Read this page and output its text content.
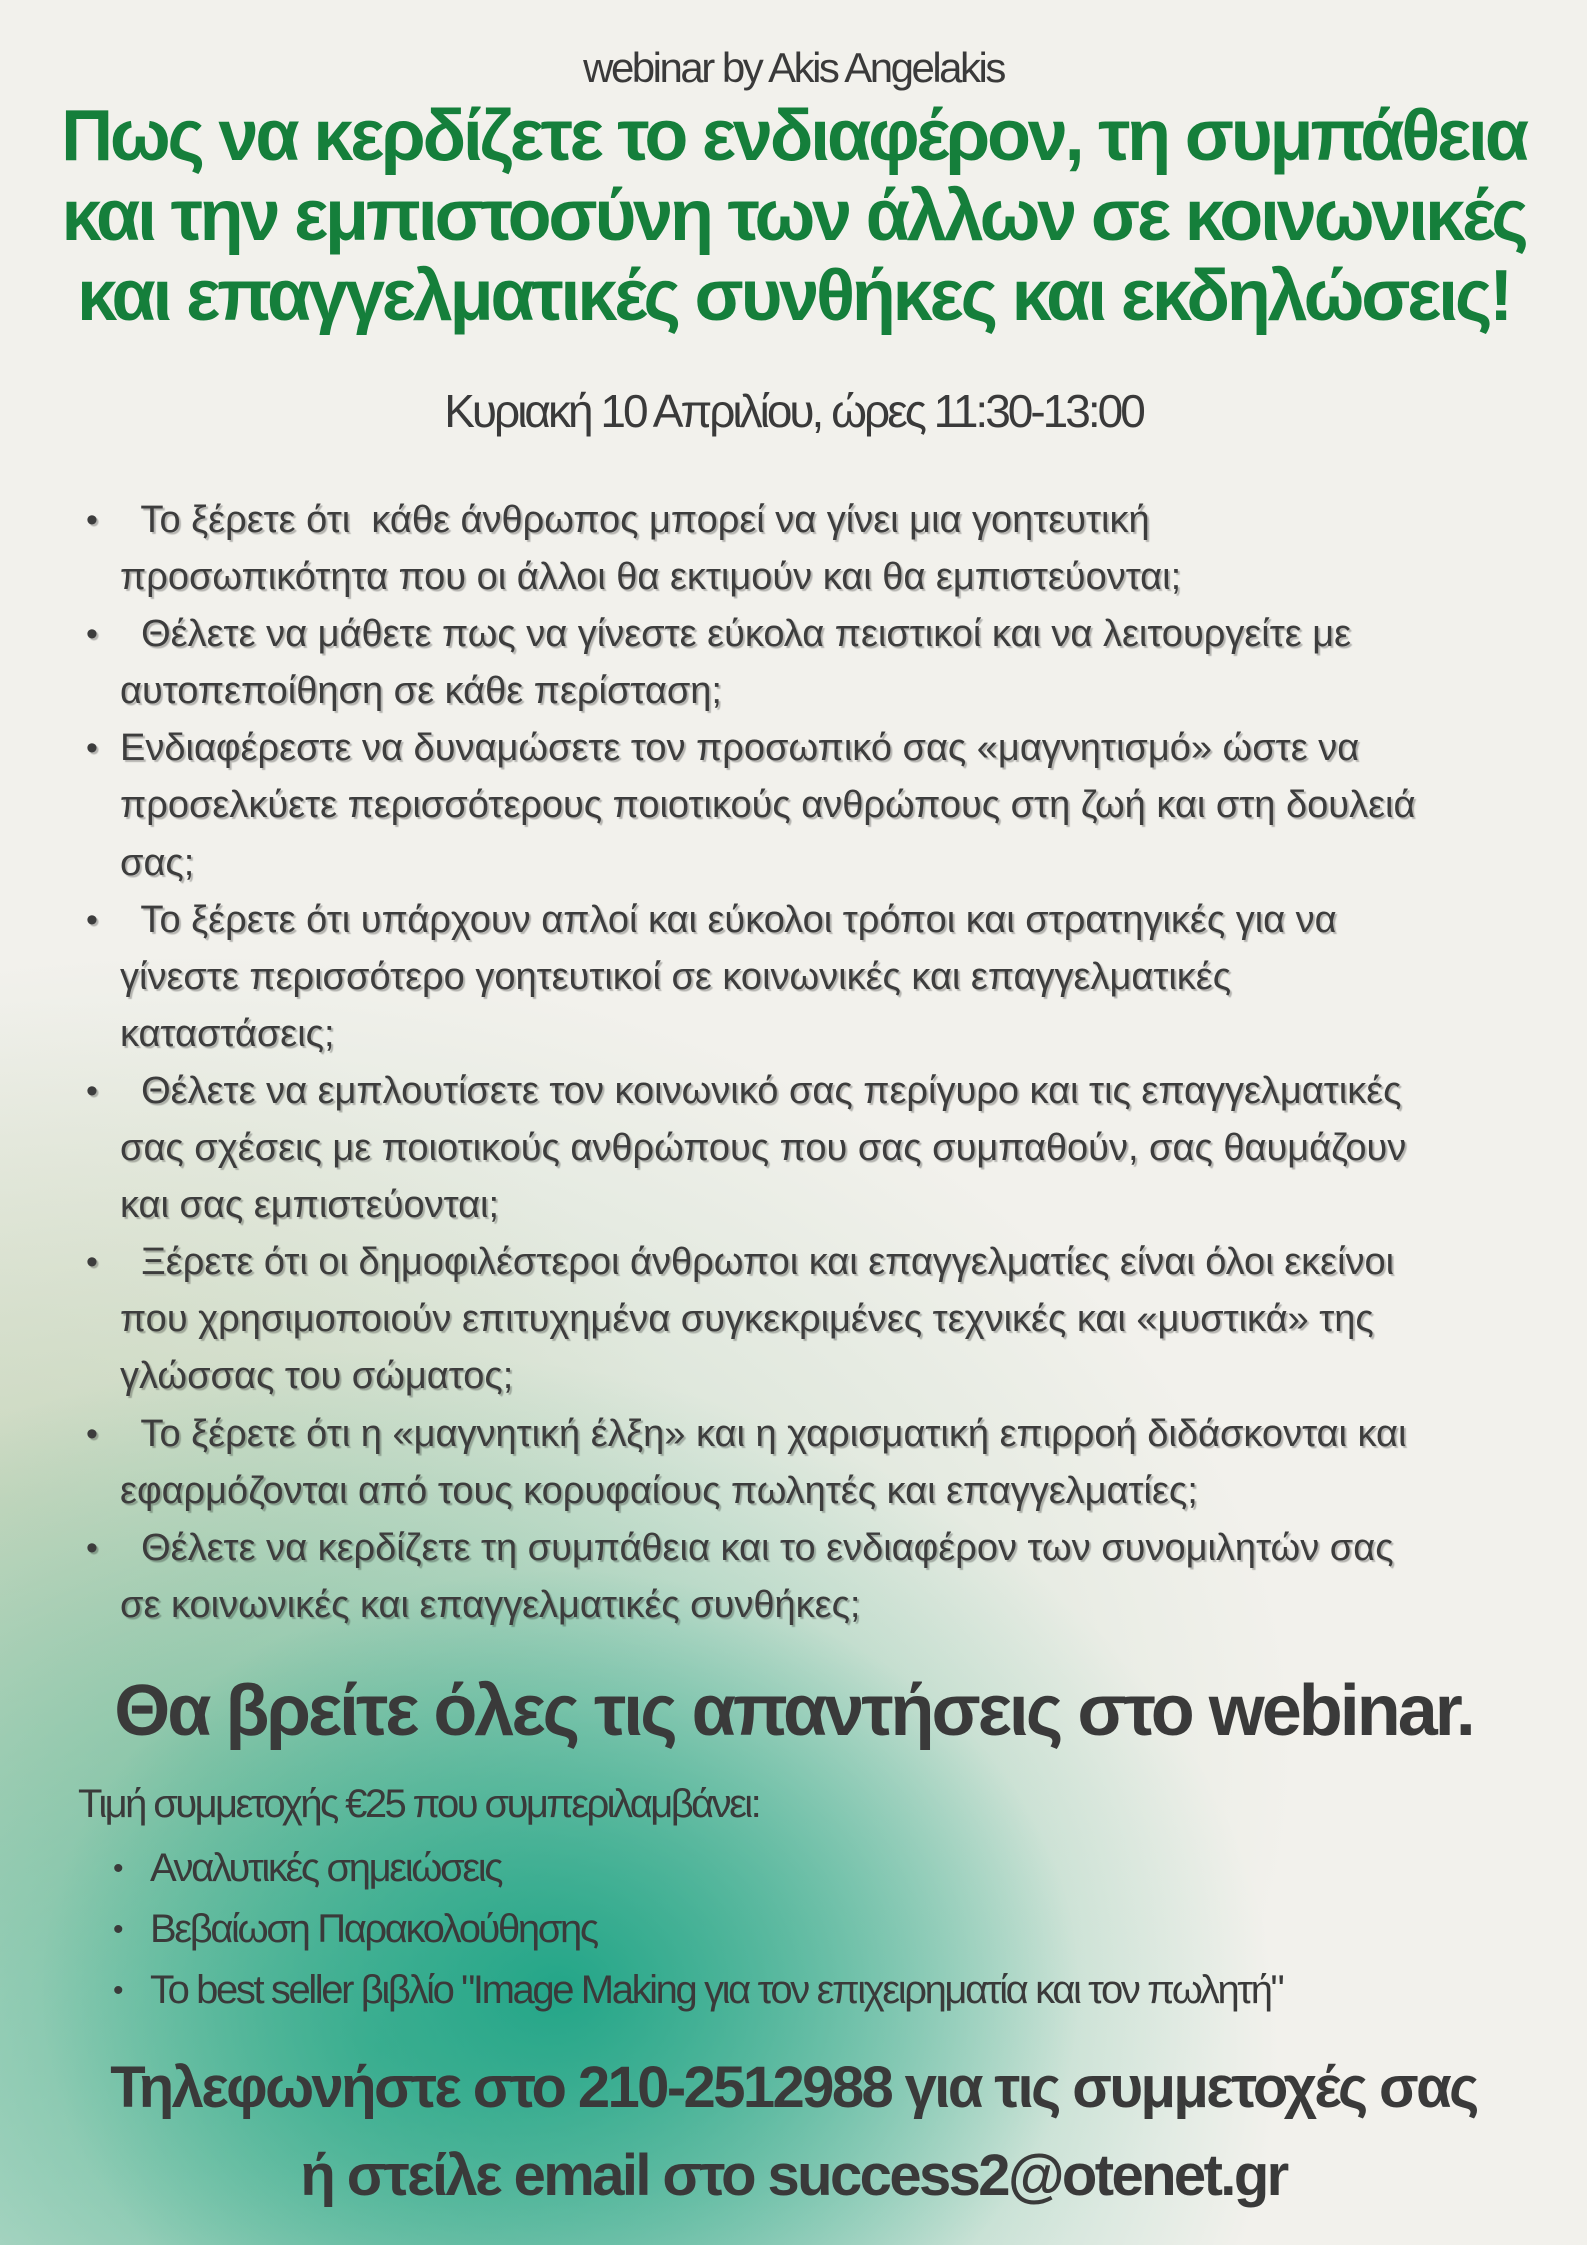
webinar by Akis Angelakis
Πως να κερδίζετε το ενδιαφέρον, τη συμπάθεια
και την εμπιστοσύνη των άλλων σε κοινωνικές
και επαγγελματικές συνθήκες και εκδηλώσεις!
Κυριακή 10 Απριλίου, ώρες 11:30-13:00
• Το ξέρετε ότι  κάθε άνθρωπος μπορεί να γίνει μια γοητευτική
προσωπικότητα που οι άλλοι θα εκτιμούν και θα εμπιστεύονται;
• Θέλετε να μάθετε πως να γίνεστε εύκολα πειστικοί και να λειτουργείτε με
αυτοπεποίθηση σε κάθε περίσταση;
• Ενδιαφέρεστε να δυναμώσετε τον προσωπικό σας «μαγνητισμό» ώστε να
προσελκύετε περισσότερους ποιοτικούς ανθρώπους στη ζωή και στη δουλειά
σας;
• Το ξέρετε ότι υπάρχουν απλοί και εύκολοι τρόποι και στρατηγικές για να
γίνεστε περισσότερο γοητευτικοί σε κοινωνικές και επαγγελματικές
καταστάσεις;
• Θέλετε να εμπλουτίσετε τον κοινωνικό σας περίγυρο και τις επαγγελματικές
σας σχέσεις με ποιοτικούς ανθρώπους που σας συμπαθούν, σας θαυμάζουν
και σας εμπιστεύονται;
• Ξέρετε ότι οι δημοφιλέστεροι άνθρωποι και επαγγελματίες είναι όλοι εκείνοι
που χρησιμοποιούν επιτυχημένα συγκεκριμένες τεχνικές και «μυστικά» της
γλώσσας του σώματος;
• Το ξέρετε ότι η «μαγνητική έλξη» και η χαρισματική επιρροή διδάσκονται και
εφαρμόζονται από τους κορυφαίους πωλητές και επαγγελματίες;
• Θέλετε να κερδίζετε τη συμπάθεια και το ενδιαφέρον των συνομιλητών σας
σε κοινωνικές και επαγγελματικές συνθήκες;
Θα βρείτε όλες τις απαντήσεις στο webinar.
Τιμή συμμετοχής €25 που συμπεριλαμβάνει:
• Αναλυτικές σημειώσεις
• Βεβαίωση Παρακολούθησης
• To best seller βιβλίο "Image Making για τον επιχειρηματία και τον πωλητή"
Τηλεφωνήστε στο 210-2512988 για τις συμμετοχές σας
ή στείλε email στο success2@otenet.gr
